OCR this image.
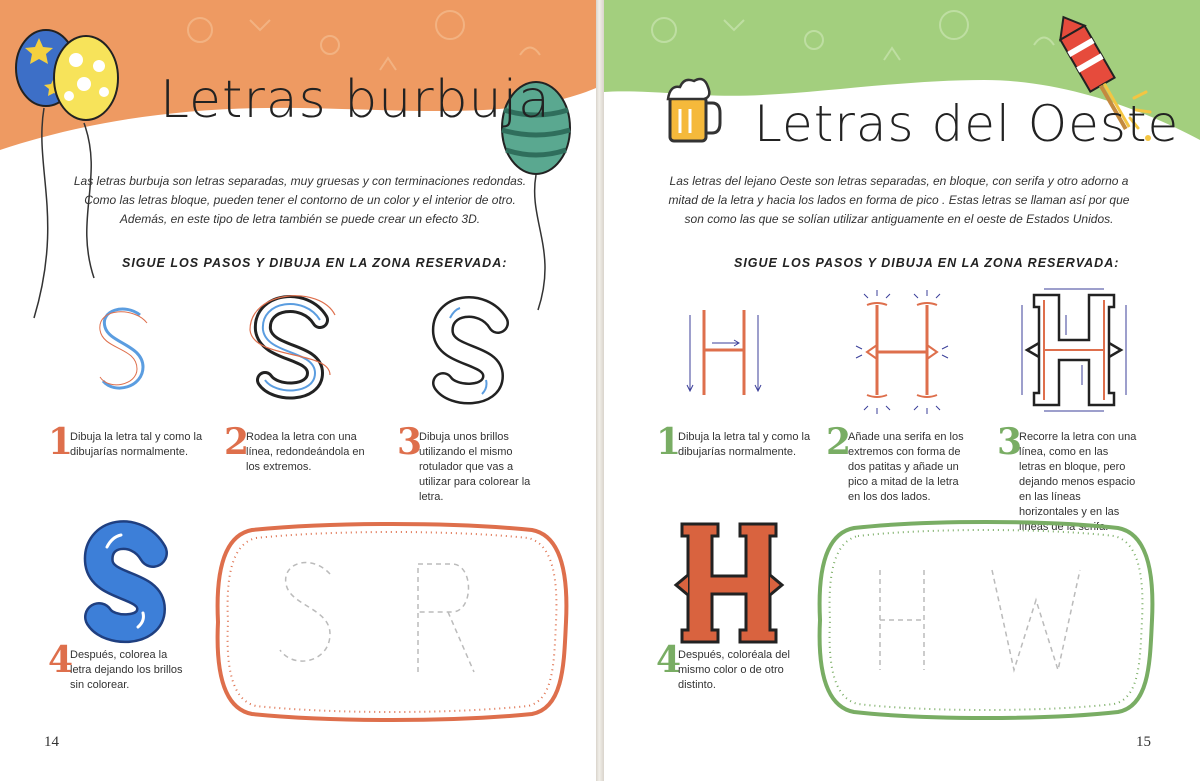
Letras burbuja
Las letras burbuja son letras separadas, muy gruesas y con terminaciones redondas. Como las letras bloque, pueden tener el contorno de un color y el interior de otro. Además, en este tipo de letra también se puede crear un efecto 3D.
SIGUE LOS PASOS Y DIBUJA EN LA ZONA RESERVADA:
1
Dibuja la letra tal y como la dibujarías normalmente. 2
Rodea la letra con una línea, redondeándola en los extremos.
3
Dibuja unos brillos utilizando el mismo rotulador que vas a utilizar para colorear la letra.
4
Después, colorea la letra dejando los brillos sin colorear.
14
Letras del Oeste
Las letras del lejano Oeste son letras separadas, en bloque, con serifa y otro adorno a mitad de la letra y hacia los lados en forma de pico . Estas letras se llaman así por que son como las que se solían utilizar antiguamente en el oeste de Estados Unidos.
SIGUE LOS PASOS Y DIBUJA EN LA ZONA RESERVADA:
1
Dibuja la letra tal y como la dibujarías normalmente. 2
Añade una serifa en los extremos con forma de dos patitas y añade un pico a mitad de la letra en los dos lados.
3
Recorre la letra con una línea, como en las letras en bloque, pero dejando menos espacio en las líneas horizontales y en las líneas de la serifa.
4
Después, coloréala del mismo color o de otro distinto.
15
